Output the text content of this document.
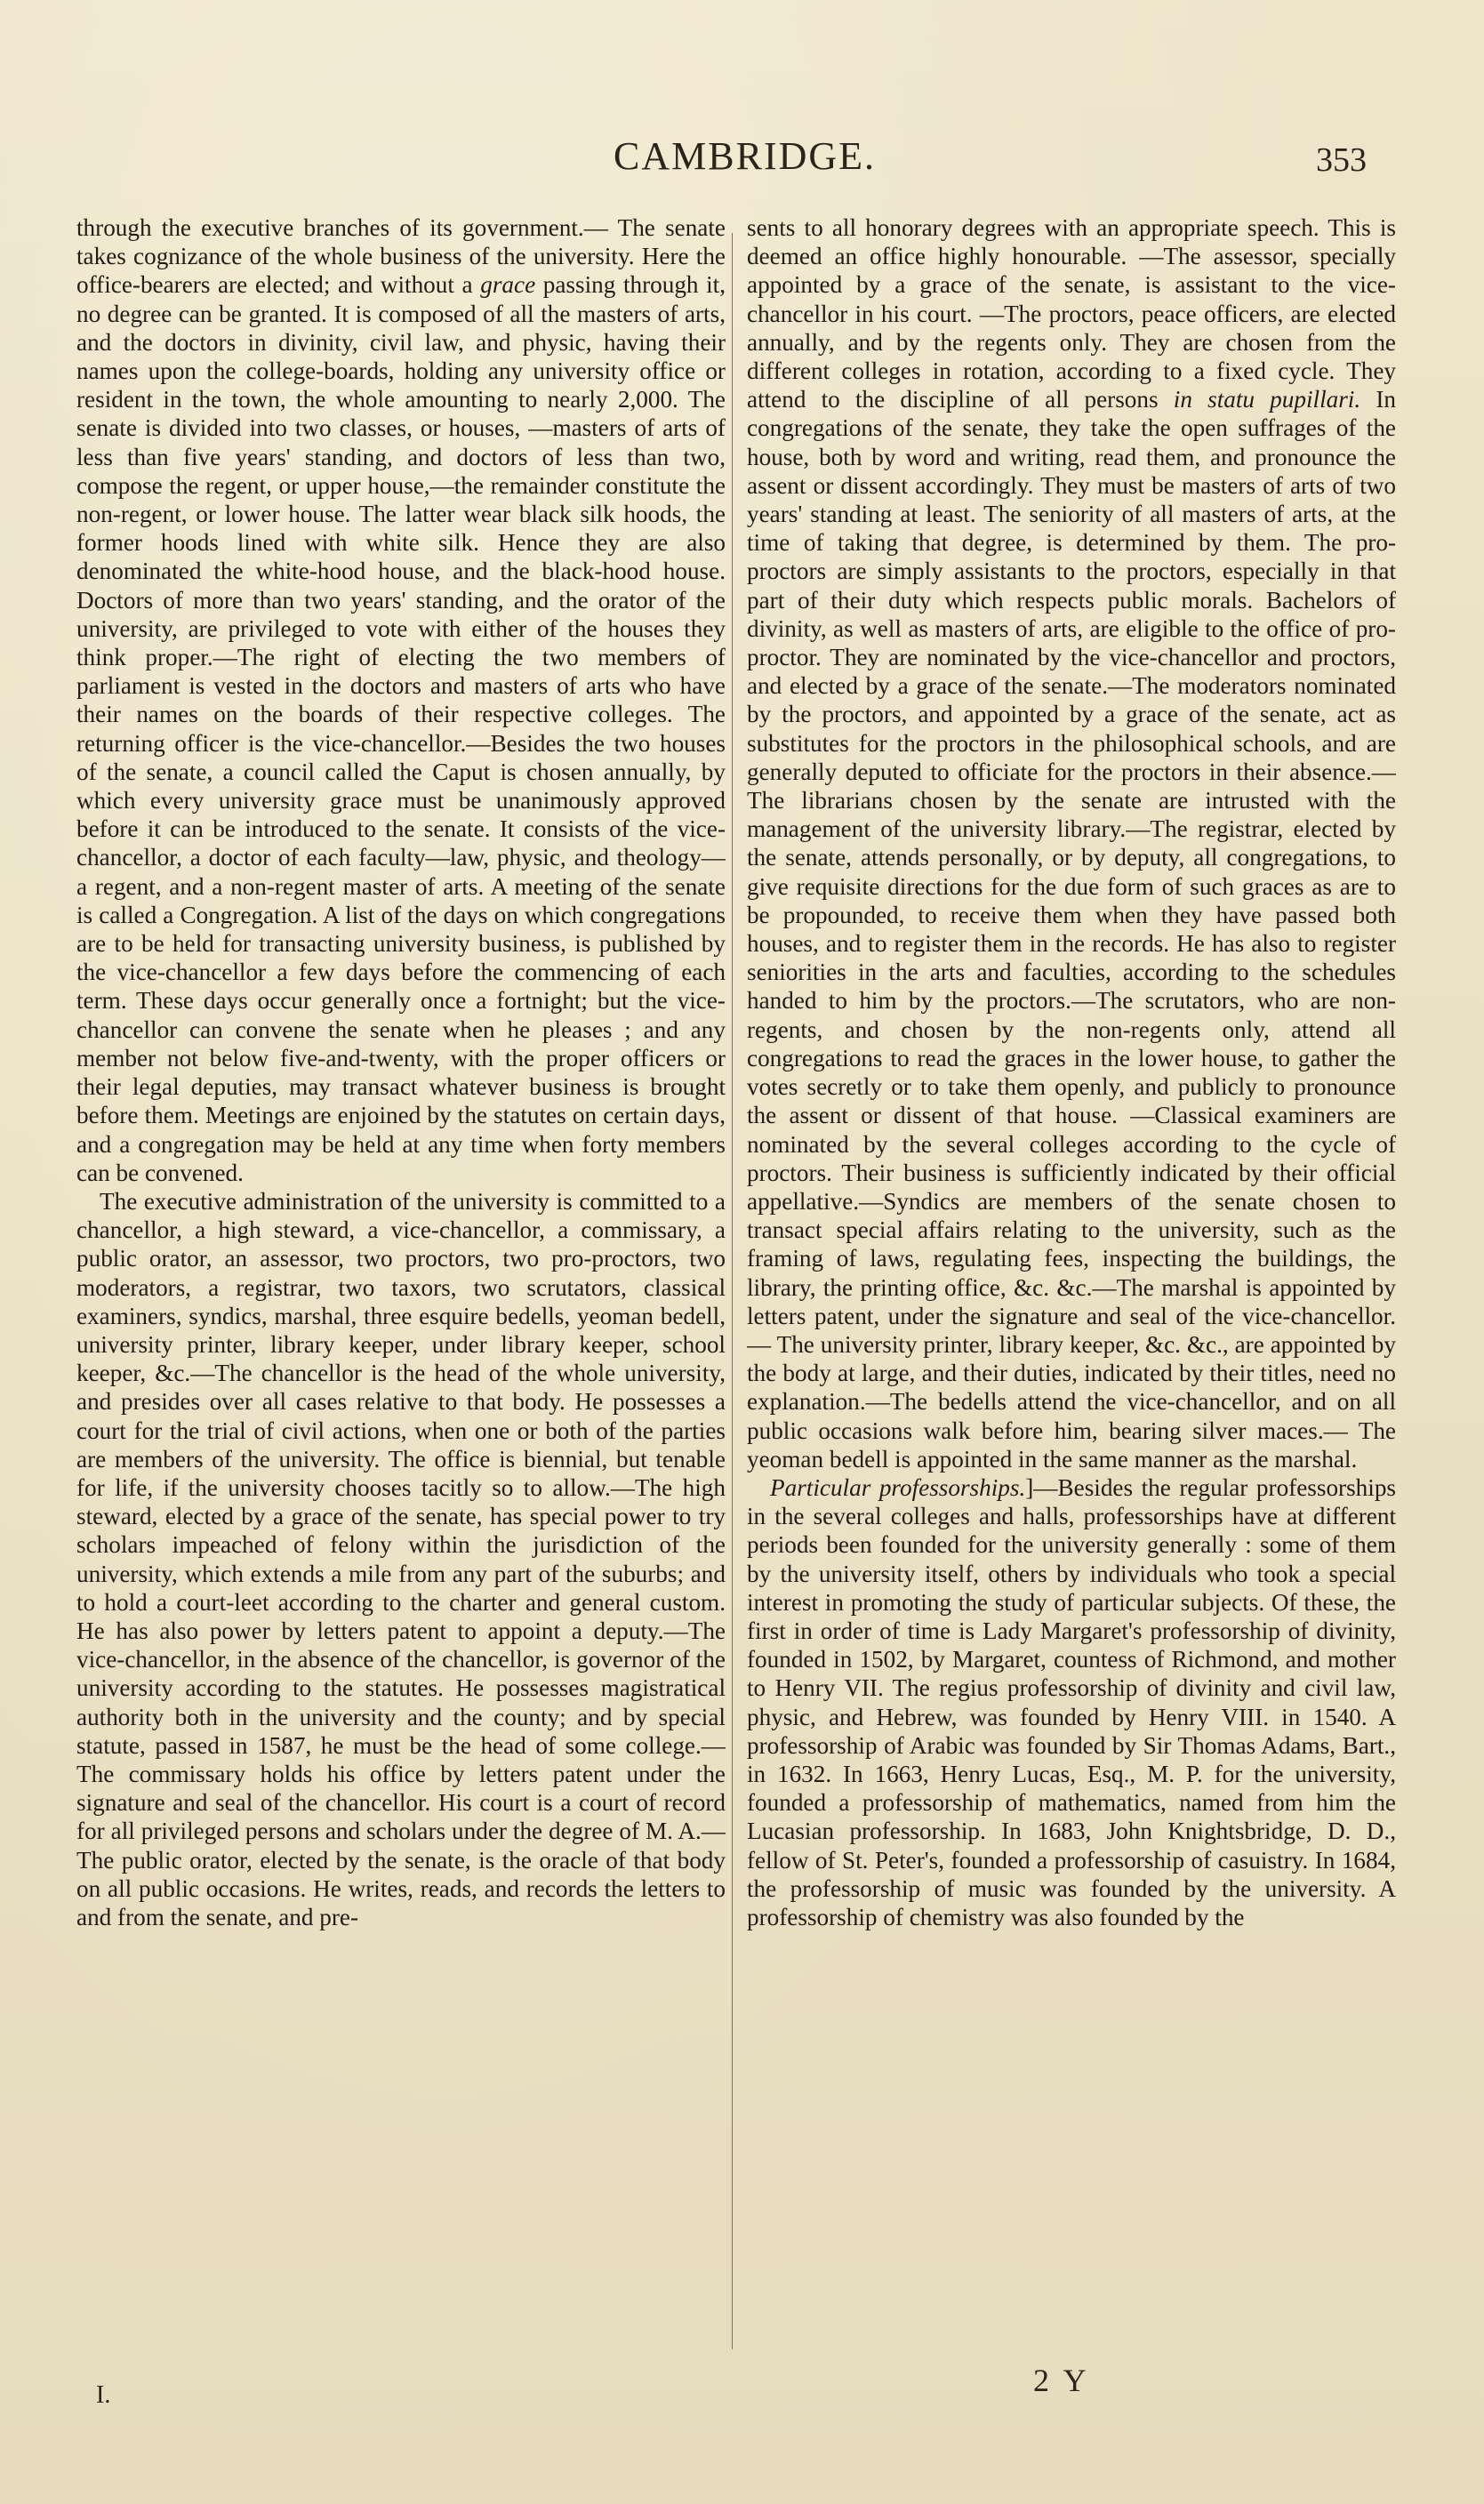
CAMBRIDGE.	353

through the executive branches of its government.— The senate takes cognizance of the whole business of the university. Here the office-bearers are elected; and without a grace passing through it, no degree can be granted. It is composed of all the masters of arts, and the doctors in divinity, civil law, and physic, having their names upon the college-boards, holding any university office or resident in the town, the whole amounting to nearly 2,000. The senate is divided into two classes, or houses, —masters of arts of less than five years' standing, and doctors of less than two, compose the regent, or upper house,—the remainder constitute the non-regent, or lower house. The latter wear black silk hoods, the former hoods lined with white silk. Hence they are also denominated the white-hood house, and the black-hood house. Doctors of more than two years' standing, and the orator of the university, are privileged to vote with either of the houses they think proper.—The right of electing the two members of parliament is vested in the doctors and masters of arts who have their names on the boards of their respective colleges. The returning officer is the vice-chancellor.—Besides the two houses of the senate, a council called the Caput is chosen annually, by which every university grace must be unanimously approved before it can be introduced to the senate. It consists of the vice-chancellor, a doctor of each faculty—law, physic, and theology— a regent, and a non-regent master of arts. A meeting of the senate is called a Congregation. A list of the days on which congregations are to be held for transacting university business, is published by the vice-chancellor a few days before the commencing of each term. These days occur generally once a fortnight; but the vice-chancellor can convene the senate when he pleases ; and any member not below five-and-twenty, with the proper officers or their legal deputies, may transact whatever business is brought before them. Meetings are enjoined by the statutes on certain days, and a congregation may be held at any time when forty members can be convened.

The executive administration of the university is committed to a chancellor, a high steward, a vice-chancellor, a commissary, a public orator, an assessor, two proctors, two pro-proctors, two moderators, a registrar, two taxors, two scrutators, classical examiners, syndics, marshal, three esquire bedells, yeoman bedell, university printer, library keeper, under library keeper, school keeper, &c.—The chancellor is the head of the whole university, and presides over all cases relative to that body. He possesses a court for the trial of civil actions, when one or both of the parties are members of the university. The office is biennial, but tenable for life, if the university chooses tacitly so to allow.—The high steward, elected by a grace of the senate, has special power to try scholars impeached of felony within the jurisdiction of the university, which extends a mile from any part of the suburbs; and to hold a court-leet according to the charter and general custom. He has also power by letters patent to appoint a deputy.—The vice-chancellor, in the absence of the chancellor, is governor of the university according to the statutes. He possesses magistratical authority both in the university and the county; and by special statute, passed in 1587, he must be the head of some college.—The commissary holds his office by letters patent under the signature and seal of the chancellor. His court is a court of record for all privileged persons and scholars under the degree of M. A.—The public orator, elected by the senate, is the oracle of that body on all public occasions. He writes, reads, and records the letters to and from the senate, and pre-

sents to all honorary degrees with an appropriate speech. This is deemed an office highly honourable. —The assessor, specially appointed by a grace of the senate, is assistant to the vice-chancellor in his court. —The proctors, peace officers, are elected annually, and by the regents only. They are chosen from the different colleges in rotation, according to a fixed cycle. They attend to the discipline of all persons in statu pupillari. In congregations of the senate, they take the open suffrages of the house, both by word and writing, read them, and pronounce the assent or dissent accordingly. They must be masters of arts of two years' standing at least. The seniority of all masters of arts, at the time of taking that degree, is determined by them. The pro-proctors are simply assistants to the proctors, especially in that part of their duty which respects public morals. Bachelors of divinity, as well as masters of arts, are eligible to the office of pro-proctor. They are nominated by the vice-chancellor and proctors, and elected by a grace of the senate.—The moderators nominated by the proctors, and appointed by a grace of the senate, act as substitutes for the proctors in the philosophical schools, and are generally deputed to officiate for the proctors in their absence.—The librarians chosen by the senate are intrusted with the management of the university library.—The registrar, elected by the senate, attends personally, or by deputy, all congregations, to give requisite directions for the due form of such graces as are to be propounded, to receive them when they have passed both houses, and to register them in the records. He has also to register seniorities in the arts and faculties, according to the schedules handed to him by the proctors.—The scrutators, who are non-regents, and chosen by the non-regents only, attend all congregations to read the graces in the lower house, to gather the votes secretly or to take them openly, and publicly to pronounce the assent or dissent of that house. —Classical examiners are nominated by the several colleges according to the cycle of proctors. Their business is sufficiently indicated by their official appellative.—Syndics are members of the senate chosen to transact special affairs relating to the university, such as the framing of laws, regulating fees, inspecting the buildings, the library, the printing office, &c. &c.—The marshal is appointed by letters patent, under the signature and seal of the vice-chancellor.— The university printer, library keeper, &c. &c., are appointed by the body at large, and their duties, indicated by their titles, need no explanation.—The bedells attend the vice-chancellor, and on all public occasions walk before him, bearing silver maces.— The yeoman bedell is appointed in the same manner as the marshal.

Particular professorships.]—Besides the regular professorships in the several colleges and halls, professorships have at different periods been founded for the university generally : some of them by the university itself, others by individuals who took a special interest in promoting the study of particular subjects. Of these, the first in order of time is Lady Margaret's professorship of divinity, founded in 1502, by Margaret, countess of Richmond, and mother to Henry VII. The regius professorship of divinity and civil law, physic, and Hebrew, was founded by Henry VIII. in 1540. A professorship of Arabic was founded by Sir Thomas Adams, Bart., in 1632. In 1663, Henry Lucas, Esq., M. P. for the university, founded a professorship of mathematics, named from him the Lucasian professorship. In 1683, John Knightsbridge, D. D., fellow of St. Peter's, founded a professorship of casuistry. In 1684, the professorship of music was founded by the university. A professorship of chemistry was also founded by the

I.	2 Y
